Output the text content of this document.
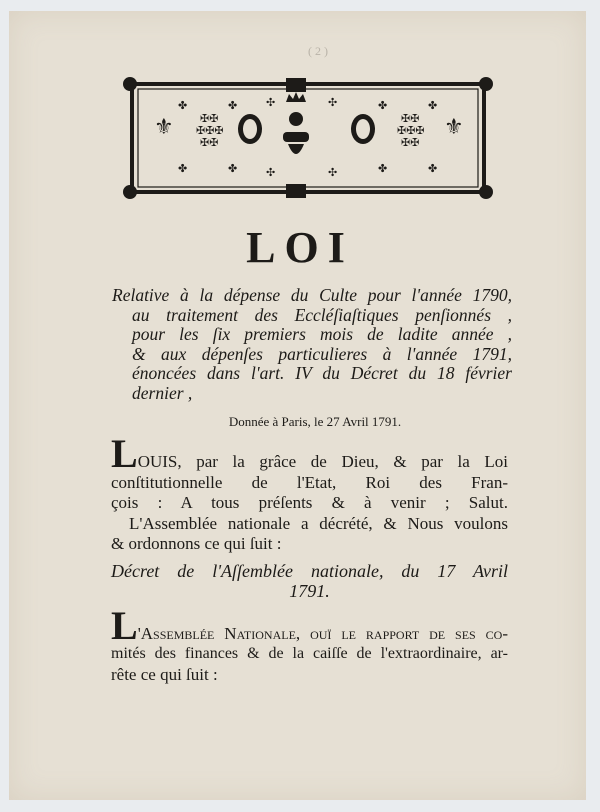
( 2 )
✠✠
✠✠✠
✠✠
✠✠
✠✠✠
✠✠
⚜	⚜
✤	✤	✤	✤
✤	✤	✤	✤
✣	✣
✣	✣
LOI
Relative à la dépense du Culte pour l'année 1790,
au traitement des Eccléſiaſtiques penſionnés ,
pour les ſix premiers mois de ladite année ,
& aux dépenſes particulieres à l'année 1791,
énoncées dans l'art. IV du Décret du 18 février
dernier ,
Donnée à Paris, le 27 Avril 1791.
LOUIS, par la grâce de Dieu, & par la Loi
conſtitutionnelle de l'Etat, Roi des Fran-
çois : A tous préſents & à venir ; Salut.
L'Assemblée nationale a décrété, & Nous voulons
& ordonnons ce qui ſuit :
Décret de l'Aſſemblée nationale, du 17 Avril
1791.
L'Assemblée Nationale, ouï le rapport de ſes co-
mités des finances & de la caiſſe de l'extraordinaire, ar-
rête ce qui ſuit :
